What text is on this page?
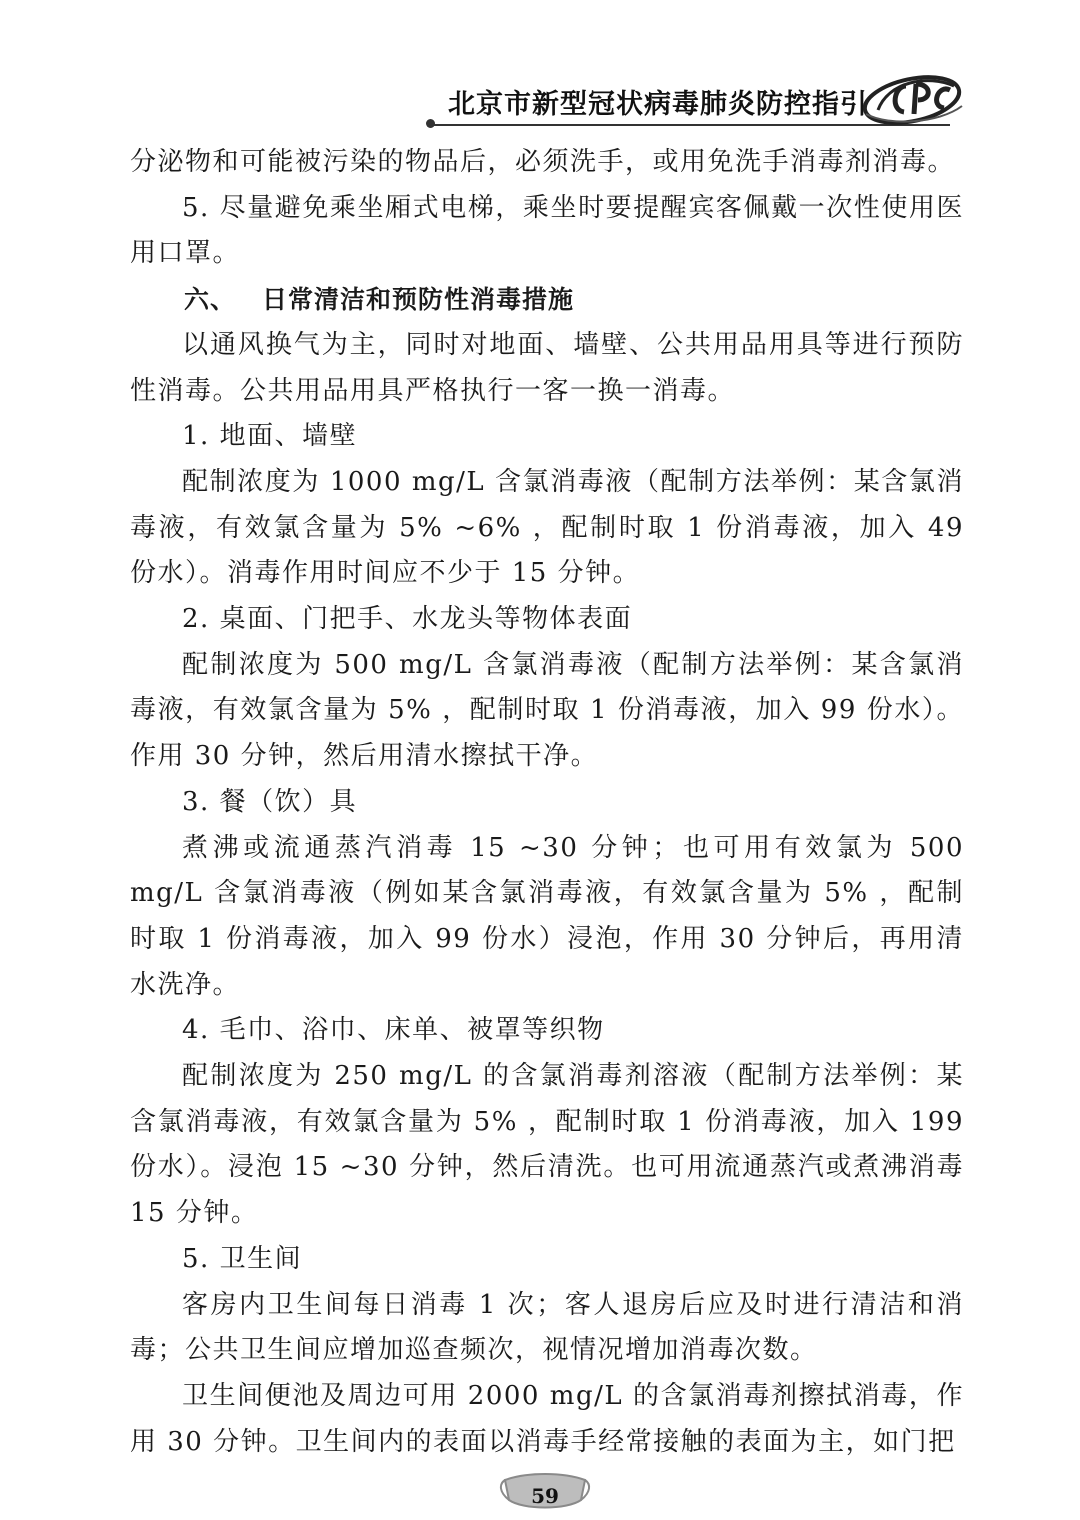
北京市新型冠状病毒肺炎防控指引

分泌物和可能被污染的物品后，必须洗手，或用免洗手消毒剂消毒。

5. 尽量避免乘坐厢式电梯，乘坐时要提醒宾客佩戴一次性使用医用口罩。

六、 日常清洁和预防性消毒措施

以通风换气为主，同时对地面、墙壁、公共用品用具等进行预防性消毒。公共用品用具严格执行一客一换一消毒。

1. 地面、墙壁

配制浓度为 1000 mg/L 含氯消毒液（配制方法举例：某含氯消毒液，有效氯含量为 5% ~6% ，配制时取 1 份消毒液，加入 49 份水）。消毒作用时间应不少于 15 分钟。

2. 桌面、门把手、水龙头等物体表面

配制浓度为 500 mg/L 含氯消毒液（配制方法举例：某含氯消毒液，有效氯含量为 5% ，配制时取 1 份消毒液，加入 99 份水）。作用 30 分钟，然后用清水擦拭干净。

3. 餐（饮）具

煮沸或流通蒸汽消毒 15 ~30 分钟；也可用有效氯为 500 mg/L 含氯消毒液（例如某含氯消毒液，有效氯含量为 5% ，配制时取 1 份消毒液，加入 99 份水）浸泡，作用 30 分钟后，再用清水洗净。

4. 毛巾、浴巾、床单、被罩等织物

配制浓度为 250 mg/L 的含氯消毒剂溶液（配制方法举例：某含氯消毒液，有效氯含量为 5% ，配制时取 1 份消毒液，加入 199 份水）。浸泡 15 ~30 分钟，然后清洗。也可用流通蒸汽或煮沸消毒 15 分钟。

5. 卫生间

客房内卫生间每日消毒 1 次；客人退房后应及时进行清洁和消毒；公共卫生间应增加巡查频次，视情况增加消毒次数。

卫生间便池及周边可用 2000 mg/L 的含氯消毒剂擦拭消毒，作用 30 分钟。卫生间内的表面以消毒手经常接触的表面为主，如门把

59
